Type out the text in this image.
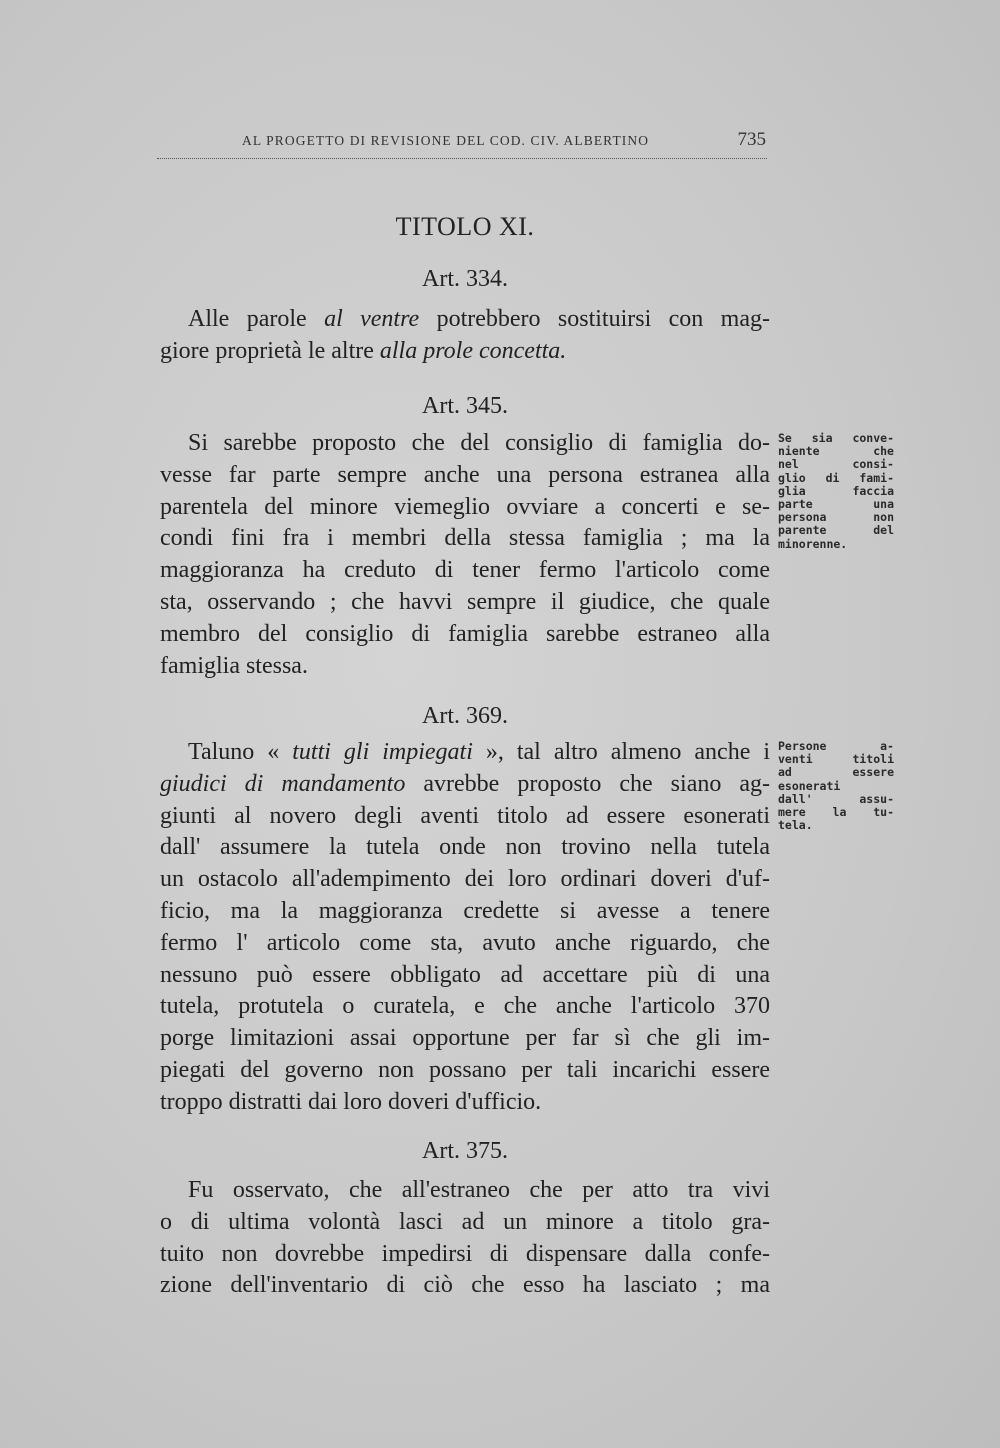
AL PROGETTO DI REVISIONE DEL COD. CIV. ALBERTINO	735
TITOLO XI.
Art. 334.
Alle parole al ventre potrebbero sostituirsi con mag-
giore proprietà le altre alla prole concetta.
Art. 345.
Si sarebbe proposto che del consiglio di famiglia do-
vesse far parte sempre anche una persona estranea alla
parentela del minore viemeglio ovviare a concerti e se-
condi fini fra i membri della stessa famiglia ; ma la
maggioranza ha creduto di tener fermo l'articolo come
sta, osservando ; che havvi sempre il giudice, che quale
membro del consiglio di famiglia sarebbe estraneo alla
famiglia stessa.
Se sia conve-
niente che
nel consi-
glio di fami-
glia faccia
parte una
persona non
parente del
minorenne.
Art. 369.
Taluno « tutti gli impiegati », tal altro almeno anche i
giudici di mandamento avrebbe proposto che siano ag-
giunti al novero degli aventi titolo ad essere esonerati
dall' assumere la tutela onde non trovino nella tutela
un ostacolo all'adempimento dei loro ordinari doveri d'uf-
ficio, ma la maggioranza credette si avesse a tenere
fermo l' articolo come sta, avuto anche riguardo, che
nessuno può essere obbligato ad accettare più di una
tutela, protutela o curatela, e che anche l'articolo 370
porge limitazioni assai opportune per far sì che gli im-
piegati del governo non possano per tali incarichi essere
troppo distratti dai loro doveri d'ufficio.
Persone a-
venti titoli
ad essere
esonerati
dall' assu-
mere la tu-
tela.
Art. 375.
Fu osservato, che all'estraneo che per atto tra vivi
o di ultima volontà lasci ad un minore a titolo gra-
tuito non dovrebbe impedirsi di dispensare dalla confe-
zione dell'inventario di ciò che esso ha lasciato ; ma
